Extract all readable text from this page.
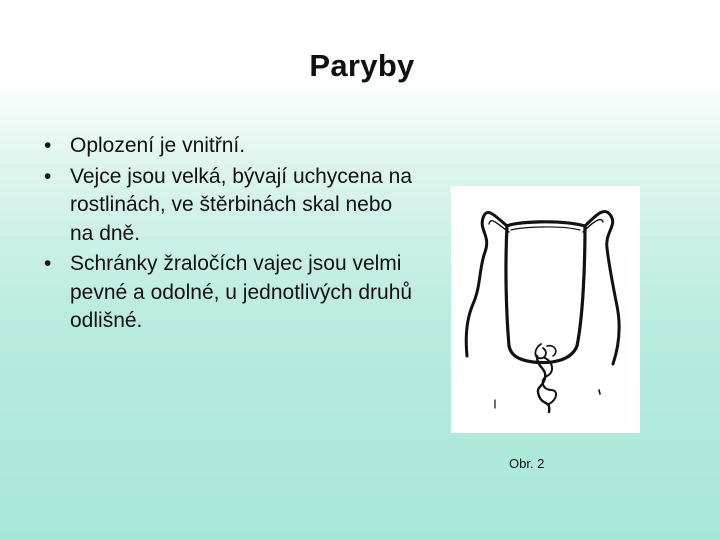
Paryby
• Oplození je vnitřní.
• Vejce jsou velká, bývají uchycena na rostlinách, ve štěrbinách skal nebo na dně.
• Schránky žraločích vajec jsou velmi pevné a odolné, u jednotlivých druhů odlišné.
Obr. 2
